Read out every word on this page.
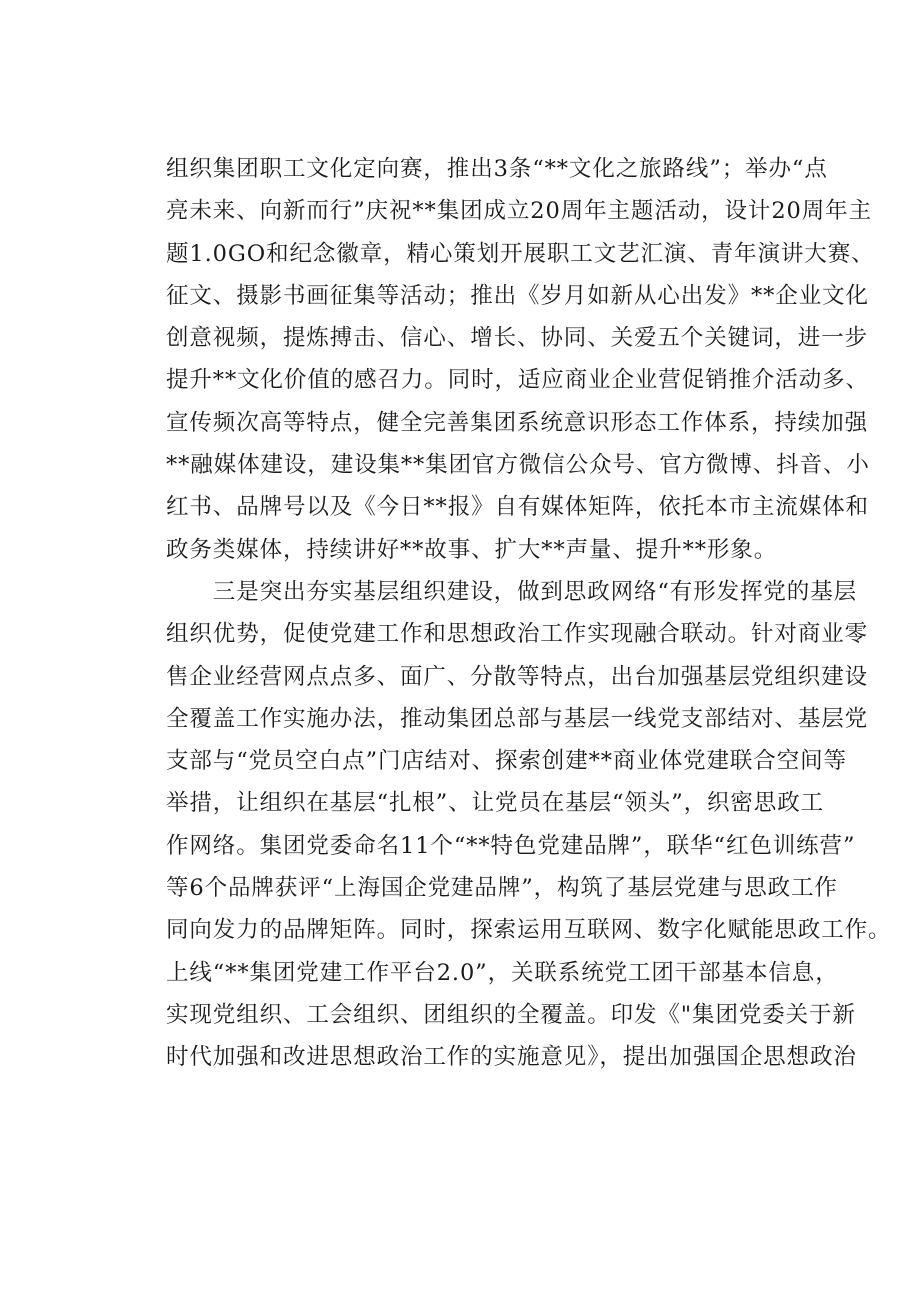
组织集团职工文化定向赛，推出3条“**文化之旅路线”；举办“点
亮未来、向新而行”庆祝**集团成立20周年主题活动，设计20周年主
题1.0GO和纪念徽章，精心策划开展职工文艺汇演、青年演讲大赛、
征文、摄影书画征集等活动；推出《岁月如新从心出发》**企业文化
创意视频，提炼搏击、信心、增长、协同、关爱五个关键词，进一步
提升**文化价值的感召力。同时，适应商业企业营促销推介活动多、
宣传频次高等特点，健全完善集团系统意识形态工作体系，持续加强
**融媒体建设，建设集**集团官方微信公众号、官方微博、抖音、小
红书、品牌号以及《今日**报》自有媒体矩阵，依托本市主流媒体和
政务类媒体，持续讲好**故事、扩大**声量、提升**形象。
　　三是突出夯实基层组织建设，做到思政网络“有形发挥党的基层
组织优势，促使党建工作和思想政治工作实现融合联动。针对商业零
售企业经营网点点多、面广、分散等特点，出台加强基层党组织建设
全覆盖工作实施办法，推动集团总部与基层一线党支部结对、基层党
支部与“党员空白点”门店结对、探索创建**商业体党建联合空间等
举措，让组织在基层“扎根”、让党员在基层“领头”，织密思政工
作网络。集团党委命名11个“**特色党建品牌”，联华“红色训练营”
等6个品牌获评“上海国企党建品牌”，构筑了基层党建与思政工作
同向发力的品牌矩阵。同时，探索运用互联网、数字化赋能思政工作。
上线“**集团党建工作平台2.0”，关联系统党工团干部基本信息，
实现党组织、工会组织、团组织的全覆盖。印发《"集团党委关于新
时代加强和改进思想政治工作的实施意见》，提出加强国企思想政治
